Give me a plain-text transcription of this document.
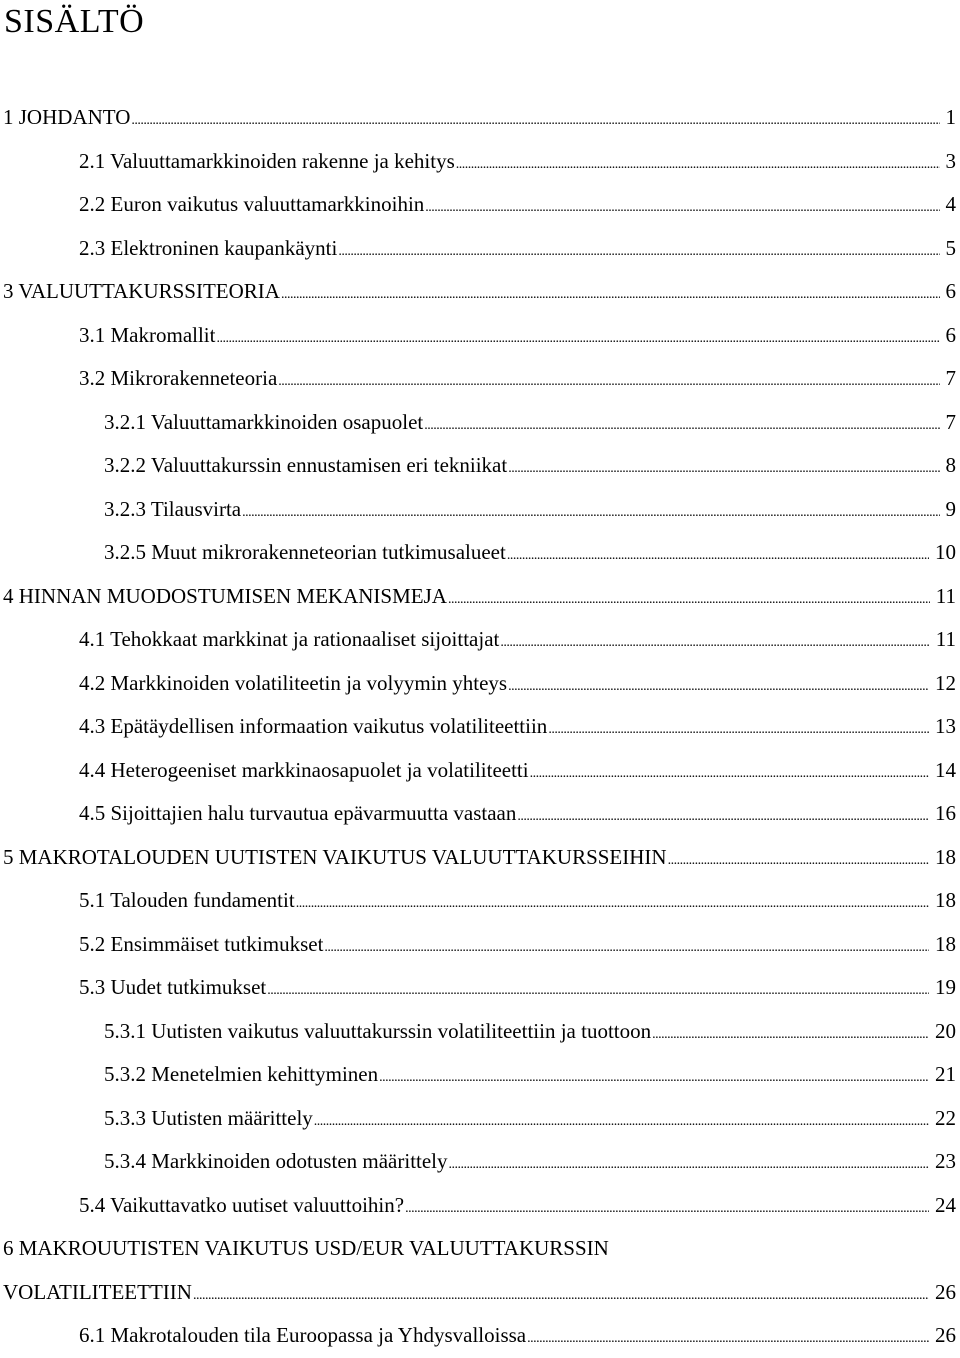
SISÄLTÖ
1 JOHDANTO .....	1
2.1 Valuuttamarkkinoiden rakenne ja kehitys .....	3
2.2 Euron vaikutus valuuttamarkkinoihin .....	4
2.3 Elektroninen kaupankäynti .....	5
3 VALUUTTAKURSSITEORIA .....	6
3.1 Makromallit .....	6
3.2 Mikrorakenneteoria .....	7
3.2.1 Valuuttamarkkinoiden osapuolet .....	7
3.2.2 Valuuttakurssin ennustamisen eri tekniikat .....	8
3.2.3 Tilausvirta .....	9
3.2.5 Muut mikrorakenneteorian tutkimusalueet .....	10
4 HINNAN MUODOSTUMISEN MEKANISMEJA .....	11
4.1 Tehokkaat markkinat ja rationaaliset sijoittajat .....	11
4.2 Markkinoiden volatiliteetin ja volyymin yhteys .....	12
4.3 Epätäydellisen informaation vaikutus volatiliteettiin .....	13
4.4 Heterogeeniset markkinaosapuolet ja volatiliteetti .....	14
4.5 Sijoittajien halu turvautua epävarmuutta vastaan .....	16
5 MAKROTALOUDEN UUTISTEN VAIKUTUS VALUUTTAKURSSEIHIN .....	18
5.1 Talouden fundamentit .....	18
5.2 Ensimmäiset tutkimukset .....	18
5.3 Uudet tutkimukset .....	19
5.3.1 Uutisten vaikutus valuuttakurssin volatiliteettiin ja tuottoon .....	20
5.3.2 Menetelmien kehittyminen .....	21
5.3.3 Uutisten määrittely .....	22
5.3.4 Markkinoiden odotusten määrittely .....	23
5.4 Vaikuttavatko uutiset valuuttoihin? .....	24
6 MAKROUUTISTEN VAIKUTUS USD/EUR VALUUTTAKURSSIN
VOLATILITEETTIIN .....	26
6.1 Makrotalouden tila Euroopassa ja Yhdysvalloissa .....	26
